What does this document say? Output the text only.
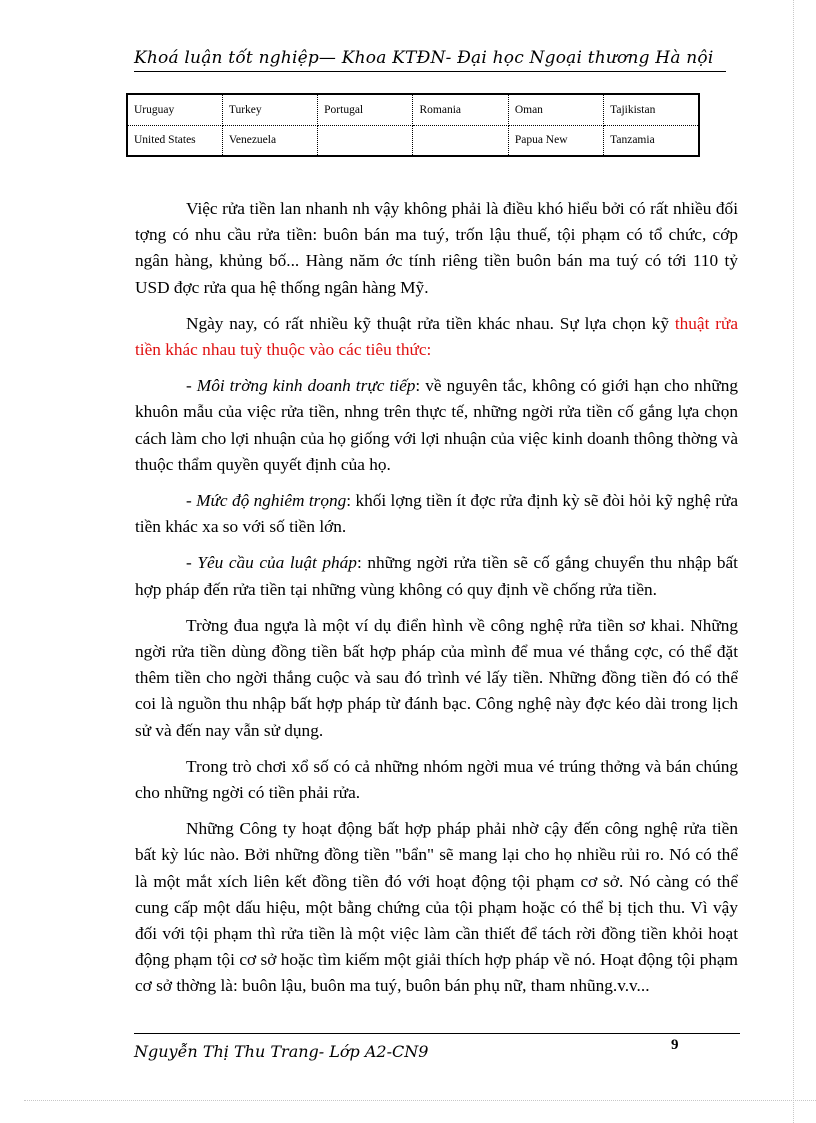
Khoá luận tốt nghiệp— Khoa KTĐN- Đại học Ngoại thương Hà nội
Uruguay	Turkey	Portugal	Romania	Oman	Tajikistan
United States	Venezuela			Papua New	Tanzamia

Việc rửa tiền lan nhanh nh vậy không phải là điều khó hiểu bởi có rất nhiều đối tợng có nhu cầu rửa tiền: buôn bán ma tuý, trốn lậu thuế, tội phạm có tổ chức, cớp ngân hàng, khủng bố... Hàng năm ớc tính riêng tiền buôn bán ma tuý có tới 110 tỷ USD đợc rửa qua hệ thống ngân hàng Mỹ.

Ngày nay, có rất nhiều kỹ thuật rửa tiền khác nhau. Sự lựa chọn kỹ thuật rửa tiền khác nhau tuỳ thuộc vào các tiêu thức:

- Môi trờng kinh doanh trực tiếp: về nguyên tắc, không có giới hạn cho những khuôn mẫu của việc rửa tiền, nhng trên thực tế, những ngời rửa tiền cố gắng lựa chọn cách làm cho lợi nhuận của họ giống với lợi nhuận của việc kinh doanh thông thờng và thuộc thẩm quyền quyết định của họ.

- Mức độ nghiêm trọng: khối lợng tiền ít đợc rửa định kỳ sẽ đòi hỏi kỹ nghệ rửa tiền khác xa so với số tiền lớn.

- Yêu cầu của luật pháp: những ngời rửa tiền sẽ cố gắng chuyển thu nhập bất hợp pháp đến rửa tiền tại những vùng không có quy định về chống rửa tiền.

Trờng đua ngựa là một ví dụ điển hình về công nghệ rửa tiền sơ khai. Những ngời rửa tiền dùng đồng tiền bất hợp pháp của mình để mua vé thắng cợc, có thể đặt thêm tiền cho ngời thắng cuộc và sau đó trình vé lấy tiền. Những đồng tiền đó có thể coi là nguồn thu nhập bất hợp pháp từ đánh bạc. Công nghệ này đợc kéo dài trong lịch sử và đến nay vẫn sử dụng.

Trong trò chơi xổ số có cả những nhóm ngời mua vé trúng thởng và bán chúng cho những ngời có tiền phải rửa.

Những Công ty hoạt động bất hợp pháp phải nhờ cậy đến công nghệ rửa tiền bất kỳ lúc nào. Bởi những đồng tiền "bẩn" sẽ mang lại cho họ nhiều rủi ro. Nó có thể là một mắt xích liên kết đồng tiền đó với hoạt động tội phạm cơ sở. Nó càng có thể cung cấp một dấu hiệu, một bằng chứng của tội phạm hoặc có thể bị tịch thu. Vì vậy đối với tội phạm thì rửa tiền là một việc làm cần thiết để tách rời đồng tiền khỏi hoạt động phạm tội cơ sở hoặc tìm kiếm một giải thích hợp pháp về nó. Hoạt động tội phạm cơ sở thờng là: buôn lậu, buôn ma tuý, buôn bán phụ nữ, tham nhũng.v.v...

Nguyễn Thị Thu Trang- Lớp A2-CN9	9
